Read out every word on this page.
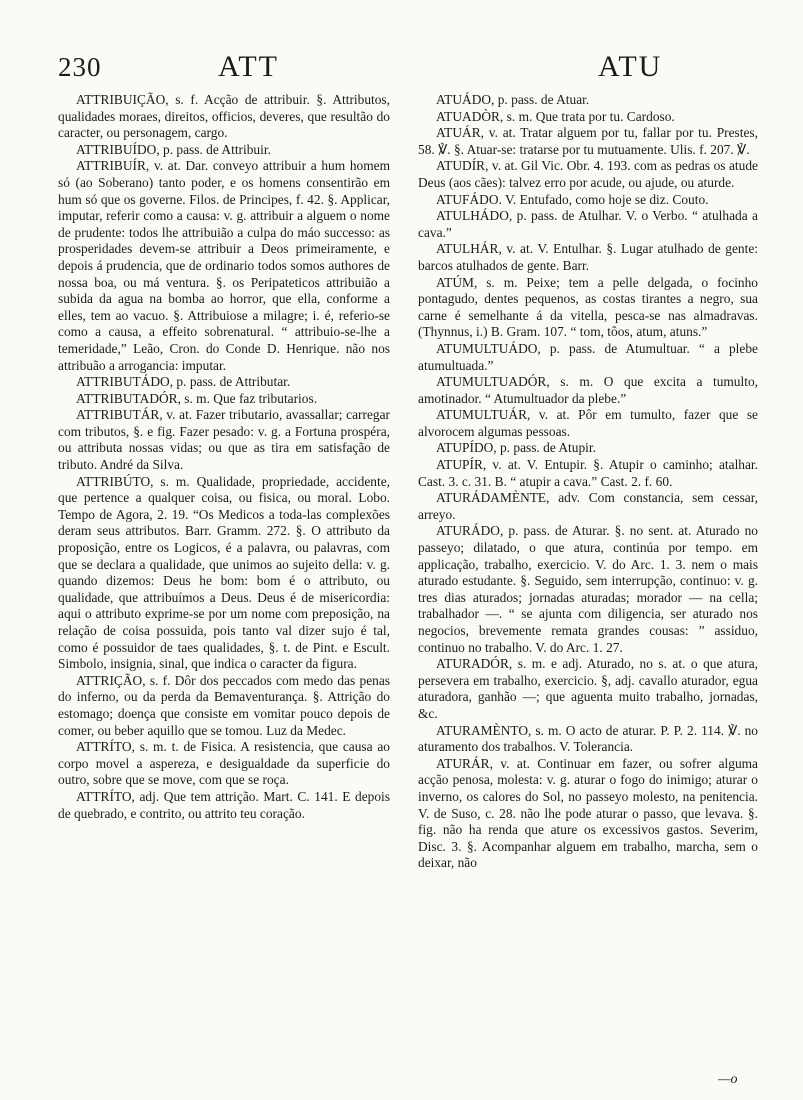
230	ATT	ATU

ATTRIBUIÇÃO, s. f. Acção de attribuir. §. Attributos, qualidades moraes, direitos, officios, deveres, que resultão do caracter, ou personagem, cargo.

ATTRIBUÍDO, p. pass. de Attribuir.

ATTRIBUÍR, v. at. Dar. conveyo attribuir a hum homem só (ao Soberano) tanto poder, e os homens consentirão em hum só que os governe. Filos. de Principes, f. 42. §. Applicar, imputar, referir como a causa: v. g. attribuir a alguem o nome de prudente: todos lhe attribuião a culpa do máo successo: as prosperidades devem-se attribuir a Deos primeiramente, e depois á prudencia, que de ordinario todos somos authores de nossa boa, ou má ventura. §. os Peripateticos attribuião a subida da agua na bomba ao horror, que ella, conforme a elles, tem ao vacuo. §. Attribuiose a milagre; i. é, referio-se como a causa, a effeito sobrenatural. “ attribuio-se-lhe a temeridade,” Leão, Cron. do Conde D. Henrique. não nos attribuão a arrogancia: imputar.

ATTRIBUTÁDO, p. pass. de Attributar.

ATTRIBUTADÓR, s. m. Que faz tributarios.

ATTRIBUTÁR, v. at. Fazer tributario, avassallar; carregar com tributos, §. e fig. Fazer pesado: v. g. a Fortuna prospéra, ou attributa nossas vidas; ou que as tira em satisfação de tributo. André da Silva.

ATTRIBÚTO, s. m. Qualidade, propriedade, accidente, que pertence a qualquer coisa, ou fisica, ou moral. Lobo. Tempo de Agora, 2. 19. “Os Medicos a toda-las complexões deram seus attributos. Barr. Gramm. 272. §. O attributo da proposição, entre os Logicos, é a palavra, ou palavras, com que se declara a qualidade, que unimos ao sujeito della: v. g. quando dizemos: Deus he bom: bom é o attributo, ou qualidade, que attribuímos a Deus. Deus é de misericordia: aqui o attributo exprime-se por um nome com preposição, na relação de coisa possuida, pois tanto val dizer sujo é tal, como é possuidor de taes qualidades, §. t. de Pint. e Escult. Simbolo, insignia, sinal, que indica o caracter da figura.

ATTRIÇÃO, s. f. Dôr dos peccados com medo das penas do inferno, ou da perda da Bemaventurança. §. Attrição do estomago; doença que consiste em vomitar pouco depois de comer, ou beber aquillo que se tomou. Luz da Medec.

ATTRÍTO, s. m. t. de Fisica. A resistencia, que causa ao corpo movel a aspereza, e desigualdade da superficie do outro, sobre que se move, com que se roça.

ATTRÍTO, adj. Que tem attrição. Mart. C. 141. E depois de quebrado, e contrito, ou attrito teu coração.

ATUÁDO, p. pass. de Atuar.

ATUADÒR, s. m. Que trata por tu. Cardoso.

ATUÁR, v. at. Tratar alguem por tu, fallar por tu. Prestes, 58. ℣. §. Atuar-se: tratarse por tu mutuamente. Ulis. f. 207. ℣.

ATUDÍR, v. at. Gil Vic. Obr. 4. 193. com as pedras os atude Deus (aos cães): talvez erro por acude, ou ajude, ou aturde.

ATUFÁDO. V. Entufado, como hoje se diz. Couto.

ATULHÁDO, p. pass. de Atulhar. V. o Verbo. “ atulhada a cava.”

ATULHÁR, v. at. V. Entulhar. §. Lugar atulhado de gente: barcos atulhados de gente. Barr.

ATÚM, s. m. Peixe; tem a pelle delgada, o focinho pontagudo, dentes pequenos, as costas tirantes a negro, sua carne é semelhante á da vitella, pesca-se nas almadravas. (Thynnus, i.) B. Gram. 107. “ tom, tôos, atum, atuns.”

ATUMULTUÁDO, p. pass. de Atumultuar. “ a plebe atumultuada.”

ATUMULTUADÓR, s. m. O que excita a tumulto, amotinador. “ Atumultuador da plebe.”

ATUMULTUÁR, v. at. Pôr em tumulto, fazer que se alvorocem algumas pessoas.

ATUPÍDO, p. pass. de Atupir.

ATUPÍR, v. at. V. Entupir. §. Atupir o caminho; atalhar. Cast. 3. c. 31. B. “ atupir a cava.” Cast. 2. f. 60.

ATURÁDAMÈNTE, adv. Com constancia, sem cessar, arreyo.

ATURÁDO, p. pass. de Aturar. §. no sent. at. Aturado no passeyo; dilatado, o que atura, continúa por tempo. em applicação, trabalho, exercicio. V. do Arc. 1. 3. nem o mais aturado estudante. §. Seguido, sem interrupção, continuo: v. g. tres dias aturados; jornadas aturadas; morador — na cella; trabalhador —. “ se ajunta com diligencia, ser aturado nos negocios, brevemente remata grandes cousas: ” assiduo, continuo no trabalho. V. do Arc. 1. 27.

ATURADÓR, s. m. e adj. Aturado, no s. at. o que atura, persevera em trabalho, exercicio. §, adj. cavallo aturador, egua aturadora, ganhão —; que aguenta muito trabalho, jornadas, &c.

ATURAMÈNTO, s. m. O acto de aturar. P. P. 2. 114. ℣. no aturamento dos trabalhos. V. Tolerancia.

ATURÁR, v. at. Continuar em fazer, ou sofrer alguma acção penosa, molesta: v. g. aturar o fogo do inimigo; aturar o inverno, os calores do Sol, no passeyo molesto, na penitencia. V. de Suso, c. 28. não lhe pode aturar o passo, que levava. §. fig. não ha renda que ature os excessivos gastos. Severim, Disc. 3. §. Acompanhar alguem em trabalho, marcha, sem o deixar, não

—o
